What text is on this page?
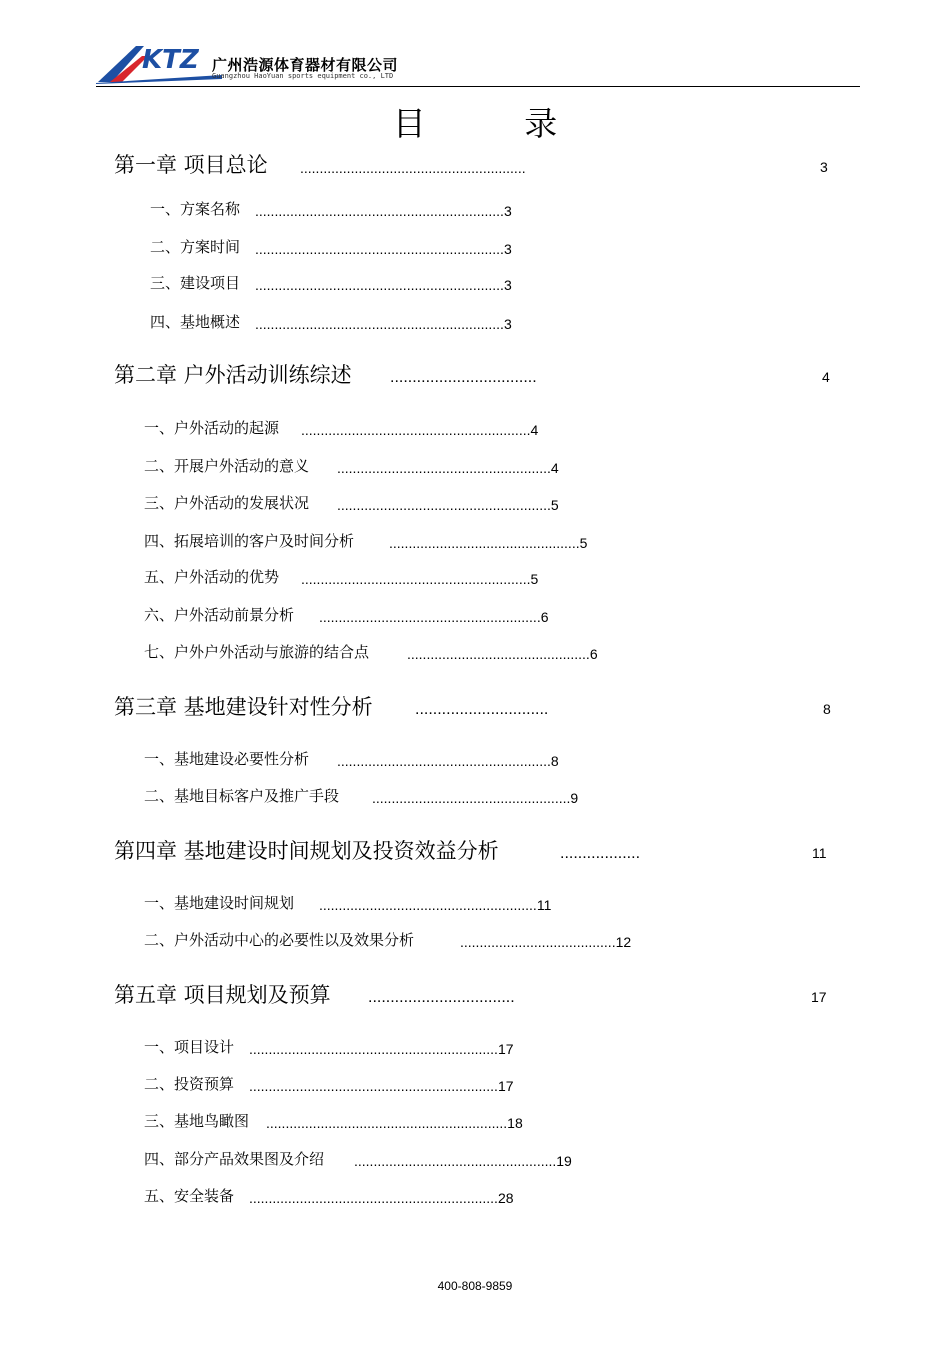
KTZ 广州浩源体育器材有限公司
Guangzhou HaoYuan sports equipment co., LTD
目 录
第一章 项目总论 ..........................................................	3
一、方案名称 ................................................................3
二、方案时间 ................................................................3
三、建设项目 ................................................................3
四、基地概述 ................................................................3
第二章 户外活动训练综述 .................................	4
一、户外活动的起源 ...........................................................4
二、开展户外活动的意义 .......................................................4
三、户外活动的发展状况 .......................................................5
四、拓展培训的客户及时间分析 .................................................5
五、户外活动的优势 ...........................................................5
六、户外活动前景分析 .........................................................6
七、户外户外活动与旅游的结合点	...............................................6
第三章 基地建设针对性分析	..............................	8
一、基地建设必要性分析 .......................................................8
二、基地目标客户及推广手段 ...................................................9
第四章 基地建设时间规划及投资效益分析	..................	11
一、基地建设时间规划 ........................................................11
二、户外活动中心的必要性以及效果分析	........................................12
第五章 项目规划及预算 .................................	17
一、项目设计 ................................................................17
二、投资预算 ................................................................17
三、基地鸟瞰图 ..............................................................18
四、部分产品效果图及介绍 ....................................................19
五、安全装备 ................................................................28
400-808-9859
